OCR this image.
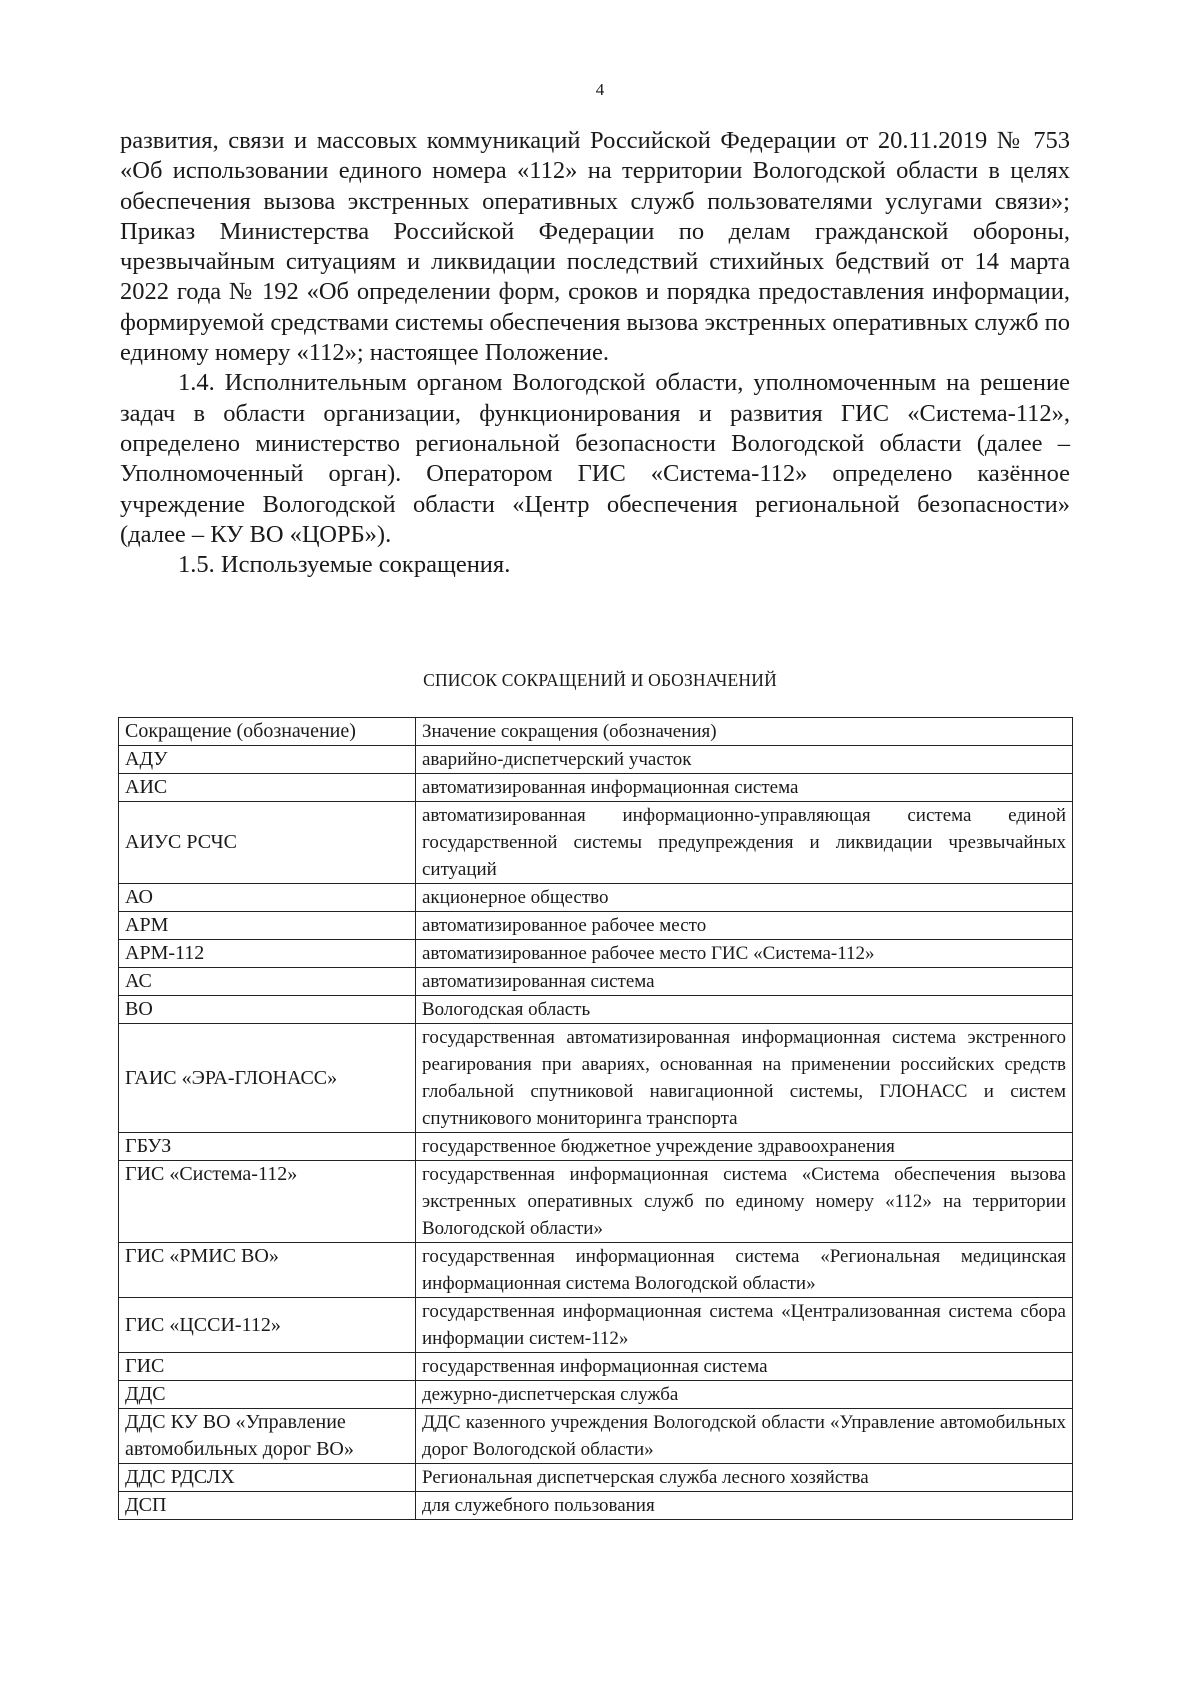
4

развития, связи и массовых коммуникаций Российской Федерации от 20.11.2019 № 753 «Об использовании единого номера «112» на территории Вологодской области в целях обеспечения вызова экстренных оперативных служб пользователями услугами связи»; Приказ Министерства Российской Федерации по делам гражданской обороны, чрезвычайным ситуациям и ликвидации последствий стихийных бедствий от 14 марта 2022 года № 192 «Об определении форм, сроков и порядка предоставления информации, формируемой средствами системы обеспечения вызова экстренных оперативных служб по единому номеру «112»; настоящее Положение.

1.4. Исполнительным органом Вологодской области, уполномоченным на решение задач в области организации, функционирования и развития ГИС «Система-112», определено министерство региональной безопасности Вологодской области (далее – Уполномоченный орган). Оператором ГИС «Система-112» определено казённое учреждение Вологодской области «Центр обеспечения региональной безопасности» (далее – КУ ВО «ЦОРБ»).

1.5. Используемые сокращения.

СПИСОК СОКРАЩЕНИЙ И ОБОЗНАЧЕНИЙ
Сокращение (обозначение)	Значение сокращения (обозначения)
АДУ	аварийно-диспетчерский участок
АИС	автоматизированная информационная система
АИУС РСЧС	автоматизированная информационно-управляющая система единой государственной системы предупреждения и ликвидации чрезвычайных ситуаций
АО	акционерное общество
АРМ	автоматизированное рабочее место
АРМ-112	автоматизированное рабочее место ГИС «Система-112»
АС	автоматизированная система
ВО	Вологодская область
ГАИС «ЭРА-ГЛОНАСС»	государственная автоматизированная информационная система экстренного реагирования при авариях, основанная на применении российских средств глобальной спутниковой навигационной системы, ГЛОНАСС и систем спутникового мониторинга транспорта
ГБУЗ	государственное бюджетное учреждение здравоохранения
ГИС «Система-112»	государственная информационная система «Система обеспечения вызова экстренных оперативных служб по единому номеру «112» на территории Вологодской области»
ГИС «РМИС ВО»	государственная информационная система «Региональная медицинская информационная система Вологодской области»
ГИС «ЦССИ-112»	государственная информационная система «Централизованная система сбора информации систем-112»
ГИС	государственная информационная система
ДДС	дежурно-диспетчерская служба
ДДС КУ ВО «Управление автомобильных дорог ВО»	ДДС казенного учреждения Вологодской области «Управление автомобильных дорог Вологодской области»
ДДС РДСЛХ	Региональная диспетчерская служба лесного хозяйства
ДСП	для служебного пользования
